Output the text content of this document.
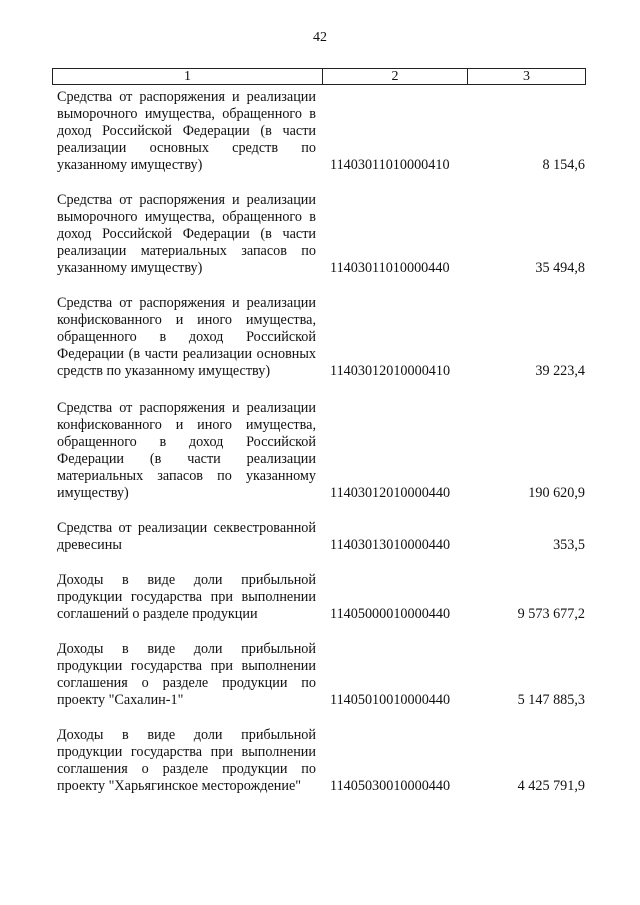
42
1	2	3
Средства от распоряжения и реализации выморочного имущества, обращенного в доход Российской Федерации (в части реализации основных средств по указанному имуществу)	11403011010000410	8 154,6
Средства от распоряжения и реализации выморочного имущества, обращенного в доход Российской Федерации (в части реализации материальных запасов по указанному имуществу)	11403011010000440	35 494,8
Средства от распоряжения и реализации конфискованного и иного имущества, обращенного в доход Российской Федерации (в части реализации основных средств по указанному имуществу)	11403012010000410	39 223,4
Средства от распоряжения и реализации конфискованного и иного имущества, обращенного в доход Российской Федерации (в части реализации материальных запасов по указанному имуществу)	11403012010000440	190 620,9
Средства от реализации секвестрованной древесины	11403013010000440	353,5
Доходы в виде доли прибыльной продукции государства при выполнении соглашений о разделе продукции	11405000010000440	9 573 677,2
Доходы в виде доли прибыльной продукции государства при выполнении соглашения о разделе продукции по проекту "Сахалин-1"	11405010010000440	5 147 885,3
Доходы в виде доли прибыльной продукции государства при выполнении соглашения о разделе продукции по проекту "Харьягинское месторождение"	11405030010000440	4 425 791,9
